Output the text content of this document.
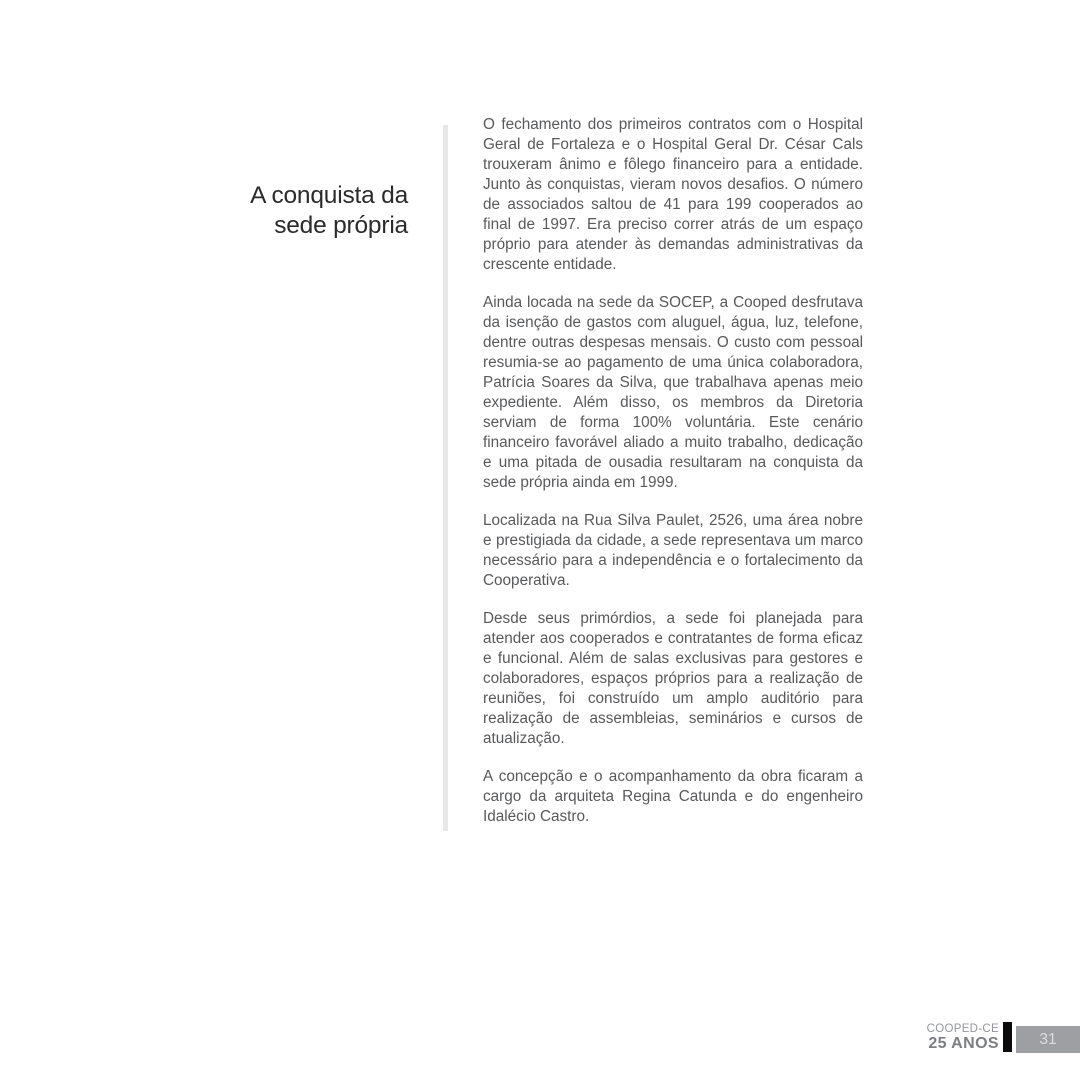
A conquista da
sede própria

O fechamento dos primeiros contratos com o Hospital Geral de Fortaleza e o Hospital Geral Dr. César Cals trouxeram ânimo e fôlego financeiro para a entidade. Junto às conquistas, vieram novos desafios. O número de associados saltou de 41 para 199 cooperados ao final de 1997. Era preciso correr atrás de um espaço próprio para atender às demandas administrativas da crescente entidade.

Ainda locada na sede da SOCEP, a Cooped desfrutava da isenção de gastos com aluguel, água, luz, telefone, dentre outras despesas mensais. O custo com pessoal resumia-se ao pagamento de uma única colaboradora, Patrícia Soares da Silva, que trabalhava apenas meio expediente. Além disso, os membros da Diretoria serviam de forma 100% voluntária. Este cenário financeiro favorável aliado a muito trabalho, dedicação e uma pitada de ousadia resultaram na conquista da sede própria ainda em 1999.

Localizada na Rua Silva Paulet, 2526, uma área nobre e prestigiada da cidade, a sede representava um marco necessário para a independência e o fortalecimento da Cooperativa.

Desde seus primórdios, a sede foi planejada para atender aos cooperados e contratantes de forma eficaz e funcional. Além de salas exclusivas para gestores e colaboradores, espaços próprios para a realização de reuniões, foi construído um amplo auditório para realização de assembleias, seminários e cursos de atualização.

A concepção e o acompanhamento da obra ficaram a cargo da arquiteta Regina Catunda e do engenheiro Idalécio Castro.

COOPED-CE
25 ANOS	31
